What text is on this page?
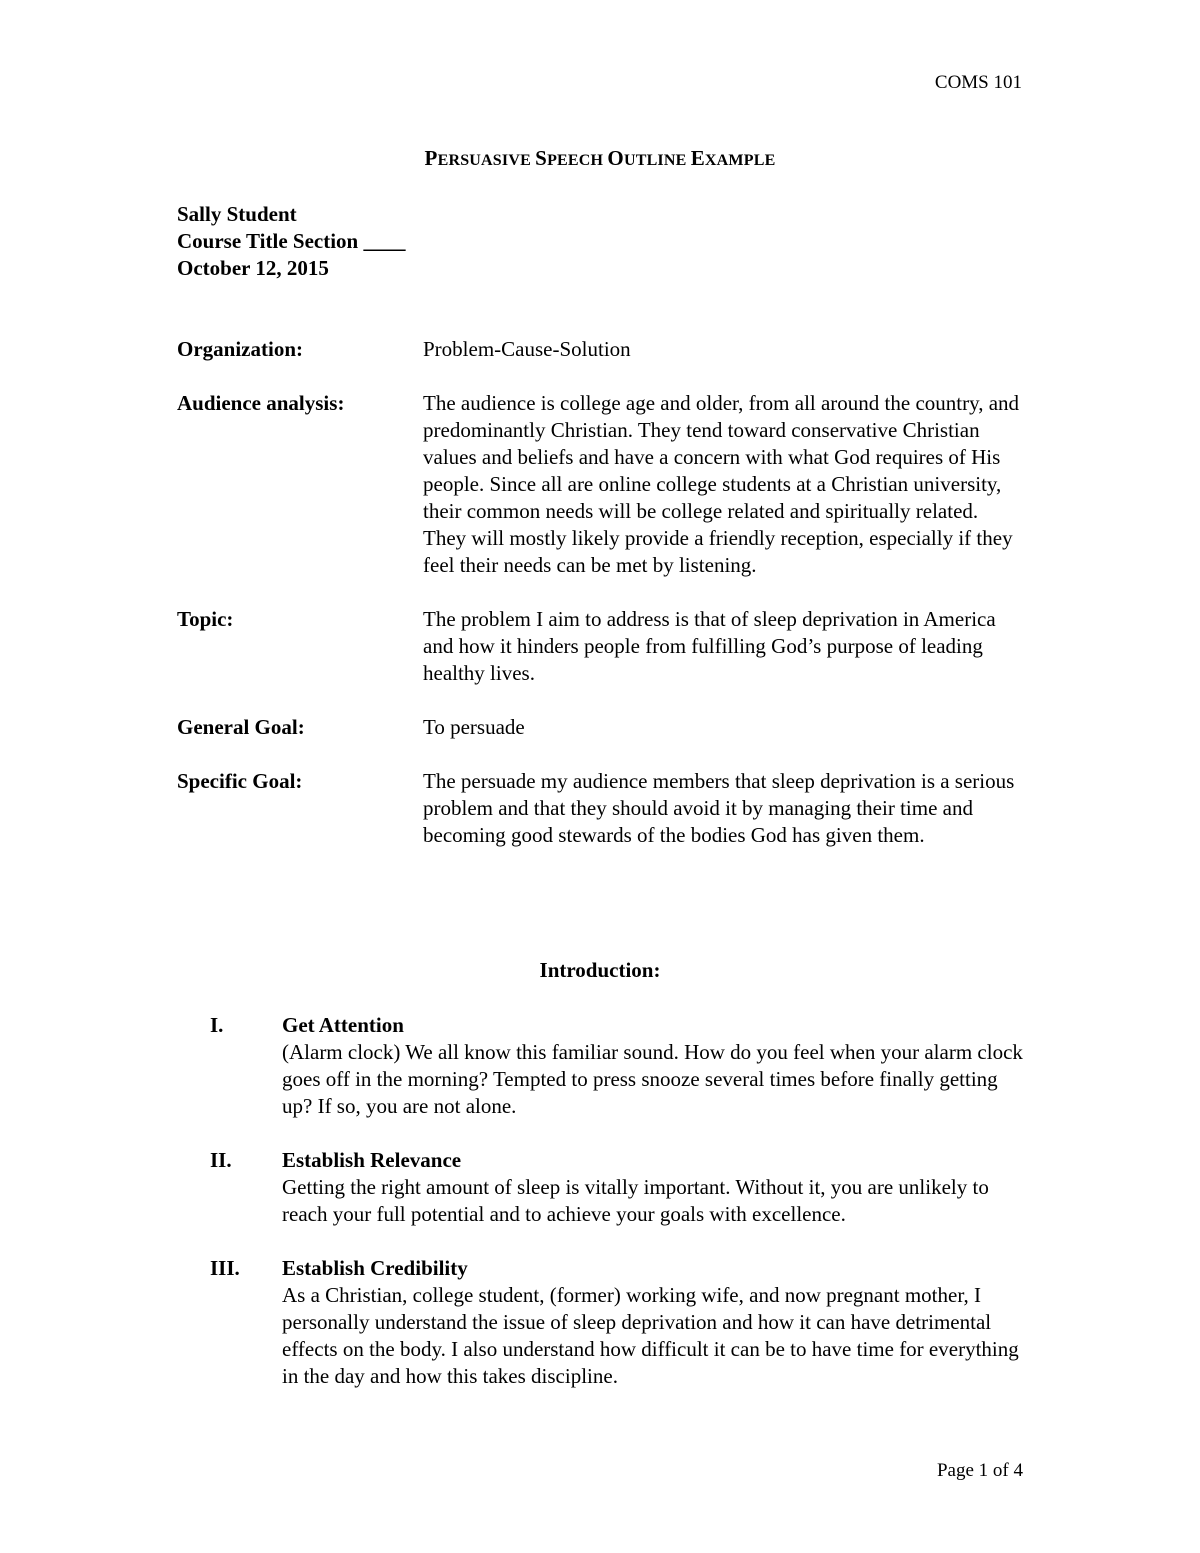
COMS 101
PERSUASIVE SPEECH OUTLINE EXAMPLE
Sally Student
Course Title Section ____
October 12, 2015
Organization:	Problem-Cause-Solution
Audience analysis:	The audience is college age and older, from all around the country, and predominantly Christian. They tend toward conservative Christian values and beliefs and have a concern with what God requires of His people. Since all are online college students at a Christian university, their common needs will be college related and spiritually related. They will mostly likely provide a friendly reception, especially if they feel their needs can be met by listening.
Topic:	The problem I aim to address is that of sleep deprivation in America and how it hinders people from fulfilling God’s purpose of leading healthy lives.
General Goal:	To persuade
Specific Goal:	The persuade my audience members that sleep deprivation is a serious problem and that they should avoid it by managing their time and becoming good stewards of the bodies God has given them.
Introduction:
I.	Get Attention
(Alarm clock) We all know this familiar sound. How do you feel when your alarm clock goes off in the morning? Tempted to press snooze several times before finally getting up? If so, you are not alone.
II.	Establish Relevance
Getting the right amount of sleep is vitally important. Without it, you are unlikely to reach your full potential and to achieve your goals with excellence.
III.	Establish Credibility
As a Christian, college student, (former) working wife, and now pregnant mother, I personally understand the issue of sleep deprivation and how it can have detrimental effects on the body. I also understand how difficult it can be to have time for everything in the day and how this takes discipline.
Page 1 of 4
